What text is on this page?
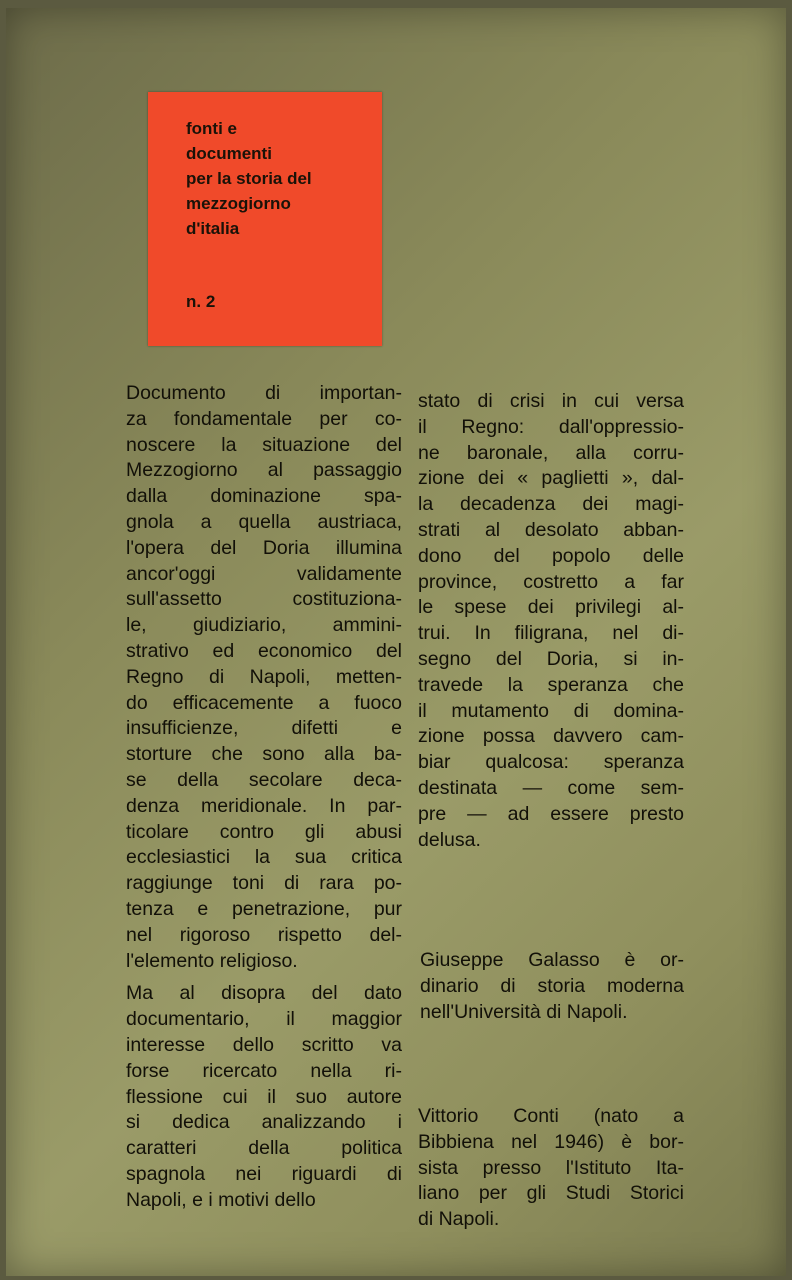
fonti e
documenti
per la storia del
mezzogiorno
d'italia
n. 2
Documento di importan-
za fondamentale per co-
noscere la situazione del
Mezzogiorno al passaggio
dalla dominazione spa-
gnola a quella austriaca,
l'opera del Doria illumina
ancor'oggi validamente
sull'assetto costituziona-
le, giudiziario, ammini-
strativo ed economico del
Regno di Napoli, metten-
do efficacemente a fuoco
insufficienze, difetti e
storture che sono alla ba-
se della secolare deca-
denza meridionale. In par-
ticolare contro gli abusi
ecclesiastici la sua critica
raggiunge toni di rara po-
tenza e penetrazione, pur
nel rigoroso rispetto del-
l'elemento religioso.
Ma al disopra del dato
documentario, il maggior
interesse dello scritto va
forse ricercato nella ri-
flessione cui il suo autore
si dedica analizzando i
caratteri della politica
spagnola nei riguardi di
Napoli, e i motivi dello
stato di crisi in cui versa
il Regno: dall'oppressio-
ne baronale, alla corru-
zione dei « paglietti », dal-
la decadenza dei magi-
strati al desolato abban-
dono del popolo delle
province, costretto a far
le spese dei privilegi al-
trui. In filigrana, nel di-
segno del Doria, si in-
travede la speranza che
il mutamento di domina-
zione possa davvero cam-
biar qualcosa: speranza
destinata — come sem-
pre — ad essere presto
delusa.
Giuseppe Galasso è or-
dinario di storia moderna
nell'Università di Napoli.
Vittorio Conti (nato a
Bibbiena nel 1946) è bor-
sista presso l'Istituto Ita-
liano per gli Studi Storici
di Napoli.
